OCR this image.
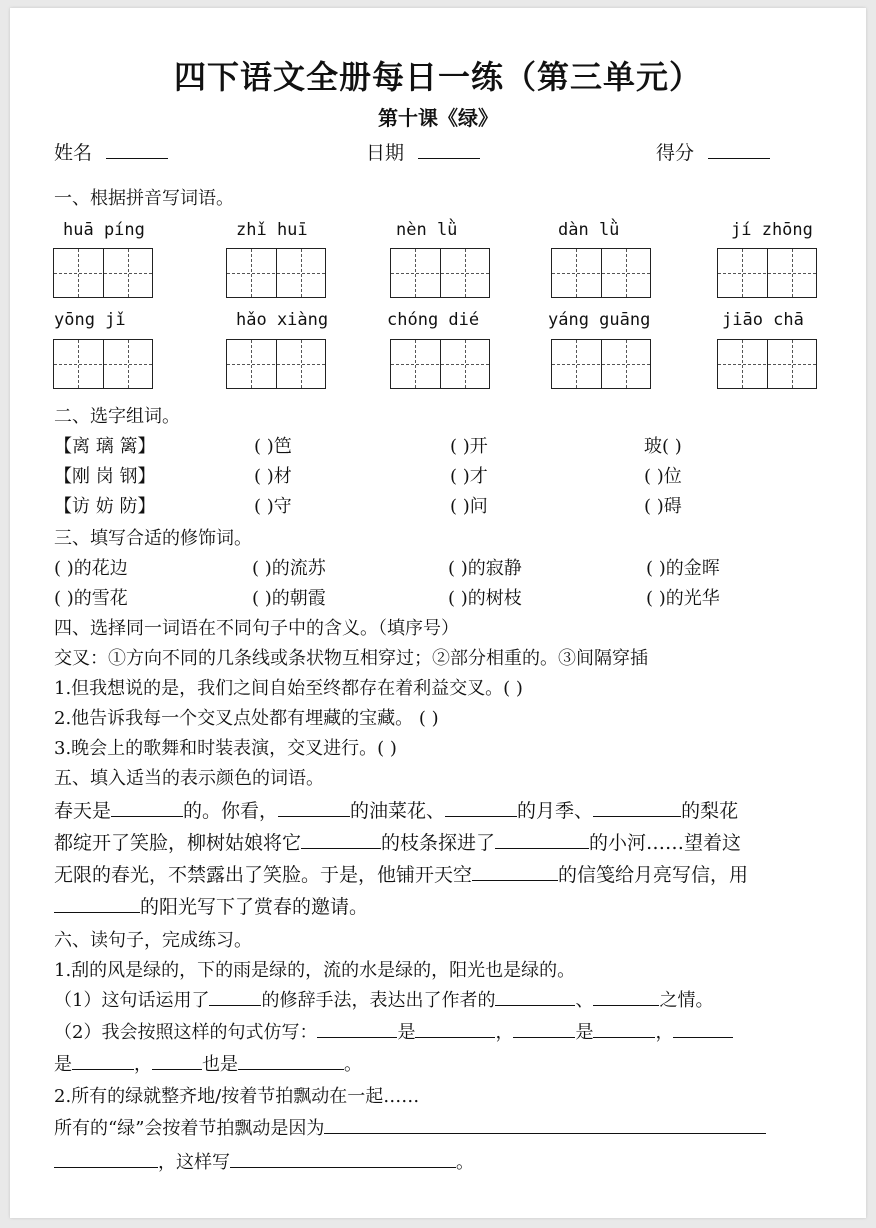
四下语文全册每日一练（第三单元）
第十课《绿》
姓名	日期	得分
一、根据拼音写词语。
huā píng	zhǐ huī	nèn lǜ	dàn lǜ	jí zhōng
yōng jǐ	hǎo xiàng	chóng dié	yáng guāng	jiāo chā
二、选字组词。
【离 璃 篱】	( )笆	( )开	玻( )
【刚 岗 钢】	( )材	( )才	( )位
【访 妨 防】	( )守	( )问	( )碍
三、填写合适的修饰词。
( )的花边	( )的流苏	( )的寂静	( )的金晖
( )的雪花	( )的朝霞	( )的树枝	( )的光华
四、选择同一词语在不同句子中的含义。（填序号）
交叉：①方向不同的几条线或条状物互相穿过；②部分相重的。③间隔穿插
1.但我想说的是，我们之间自始至终都存在着利益交叉。( )
2.他告诉我每一个交叉点处都有埋藏的宝藏。 ( )
3.晚会上的歌舞和时装表演，交叉进行。( )
五、填入适当的表示颜色的词语。
春天是	的。你看，	的油菜花、	的月季、	的梨花
都绽开了笑脸，柳树姑娘将它	的枝条探进了	的小河……望着这
无限的春光，不禁露出了笑脸。于是，他铺开天空	的信笺给月亮写信，用
的阳光写下了赏春的邀请。
六、读句子，完成练习。
1.刮的风是绿的，下的雨是绿的，流的水是绿的，阳光也是绿的。
（1）这句话运用了	的修辞手法，表达出了作者的	、	之情。
（2）我会按照这样的句式仿写：	是	，	是	，
是	，	也是	。
2.所有的绿就整齐地/按着节拍飘动在一起……
所有的“绿”会按着节拍飘动是因为
，这样写	。
